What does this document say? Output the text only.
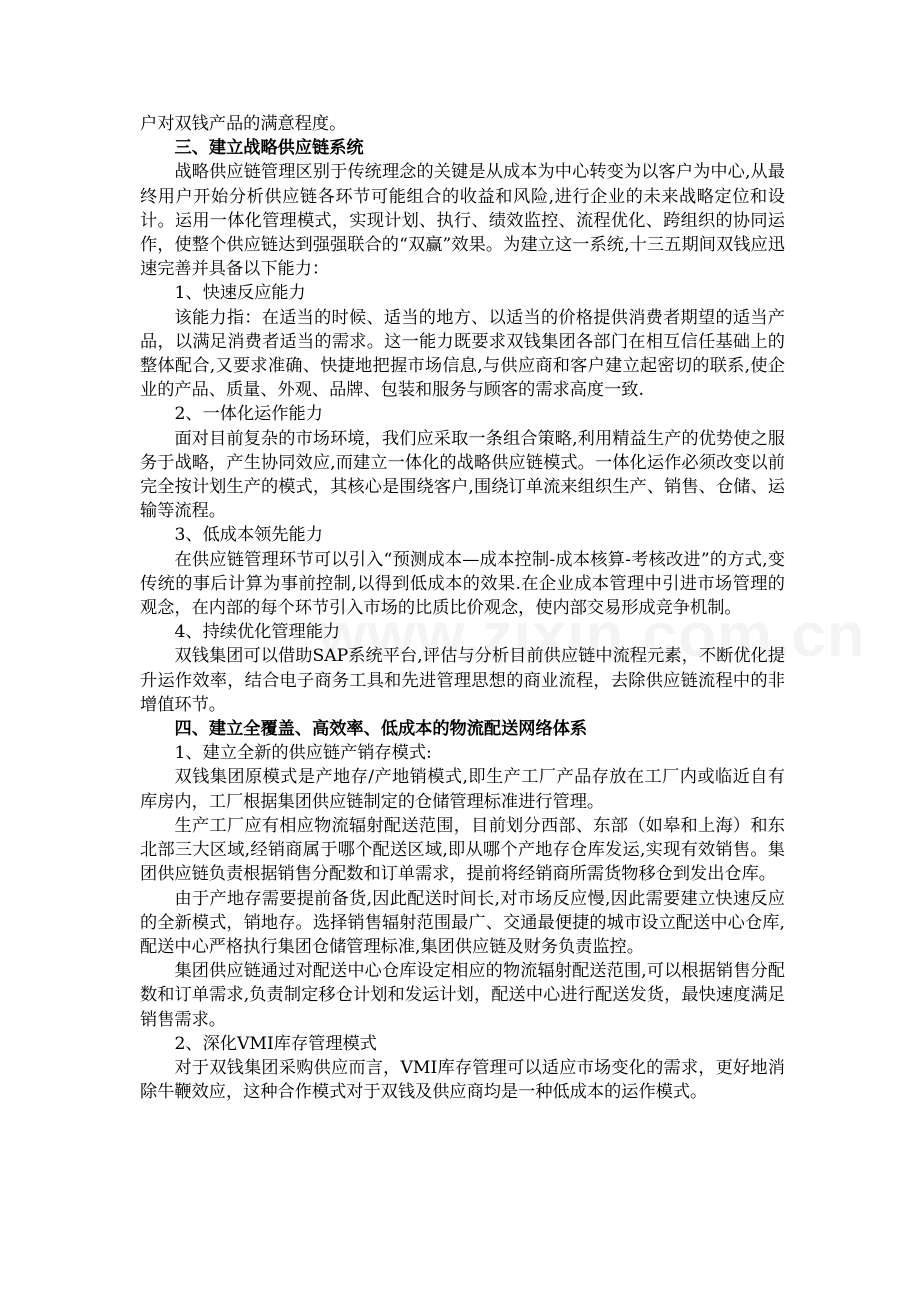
户对双钱产品的满意程度。

三、建立战略供应链系统

战略供应链管理区别于传统理念的关键是从成本为中心转变为以客户为中心,从最终用户开始分析供应链各环节可能组合的收益和风险,进行企业的未来战略定位和设计。运用一体化管理模式，实现计划、执行、绩效监控、流程优化、跨组织的协同运作，使整个供应链达到强强联合的“双赢”效果。为建立这一系统,十三五期间双钱应迅速完善并具备以下能力：

1、快速反应能力

该能力指：在适当的时候、适当的地方、以适当的价格提供消费者期望的适当产品，以满足消费者适当的需求。这一能力既要求双钱集团各部门在相互信任基础上的整体配合,又要求准确、快捷地把握市场信息,与供应商和客户建立起密切的联系,使企业的产品、质量、外观、品牌、包装和服务与顾客的需求高度一致.

2、一体化运作能力

面对目前复杂的市场环境，我们应采取一条组合策略,利用精益生产的优势使之服务于战略，产生协同效应,而建立一体化的战略供应链模式。一体化运作必须改变以前完全按计划生产的模式，其核心是围绕客户,围绕订单流来组织生产、销售、仓储、运输等流程。

3、低成本领先能力

在供应链管理环节可以引入“预测成本—成本控制-成本核算-考核改进”的方式,变传统的事后计算为事前控制,以得到低成本的效果.在企业成本管理中引进市场管理的观念，在内部的每个环节引入市场的比质比价观念，使内部交易形成竞争机制。

4、持续优化管理能力

双钱集团可以借助SAP系统平台,评估与分析目前供应链中流程元素，不断优化提升运作效率，结合电子商务工具和先进管理思想的商业流程，去除供应链流程中的非增值环节。

四、建立全覆盖、高效率、低成本的物流配送网络体系

1、建立全新的供应链产销存模式:

双钱集团原模式是产地存/产地销模式,即生产工厂产品存放在工厂内或临近自有库房内，工厂根据集团供应链制定的仓储管理标准进行管理。

生产工厂应有相应物流辐射配送范围，目前划分西部、东部（如皋和上海）和东北部三大区域,经销商属于哪个配送区域,即从哪个产地存仓库发运,实现有效销售。集团供应链负责根据销售分配数和订单需求，提前将经销商所需货物移仓到发出仓库。

由于产地存需要提前备货,因此配送时间长,对市场反应慢,因此需要建立快速反应的全新模式，销地存。选择销售辐射范围最广、交通最便捷的城市设立配送中心仓库,配送中心严格执行集团仓储管理标准,集团供应链及财务负责监控。

集团供应链通过对配送中心仓库设定相应的物流辐射配送范围,可以根据销售分配数和订单需求,负责制定移仓计划和发运计划，配送中心进行配送发货，最快速度满足销售需求。

2、深化VMI库存管理模式

对于双钱集团采购供应而言，VMI库存管理可以适应市场变化的需求，更好地消除牛鞭效应，这种合作模式对于双钱及供应商均是一种低成本的运作模式。
